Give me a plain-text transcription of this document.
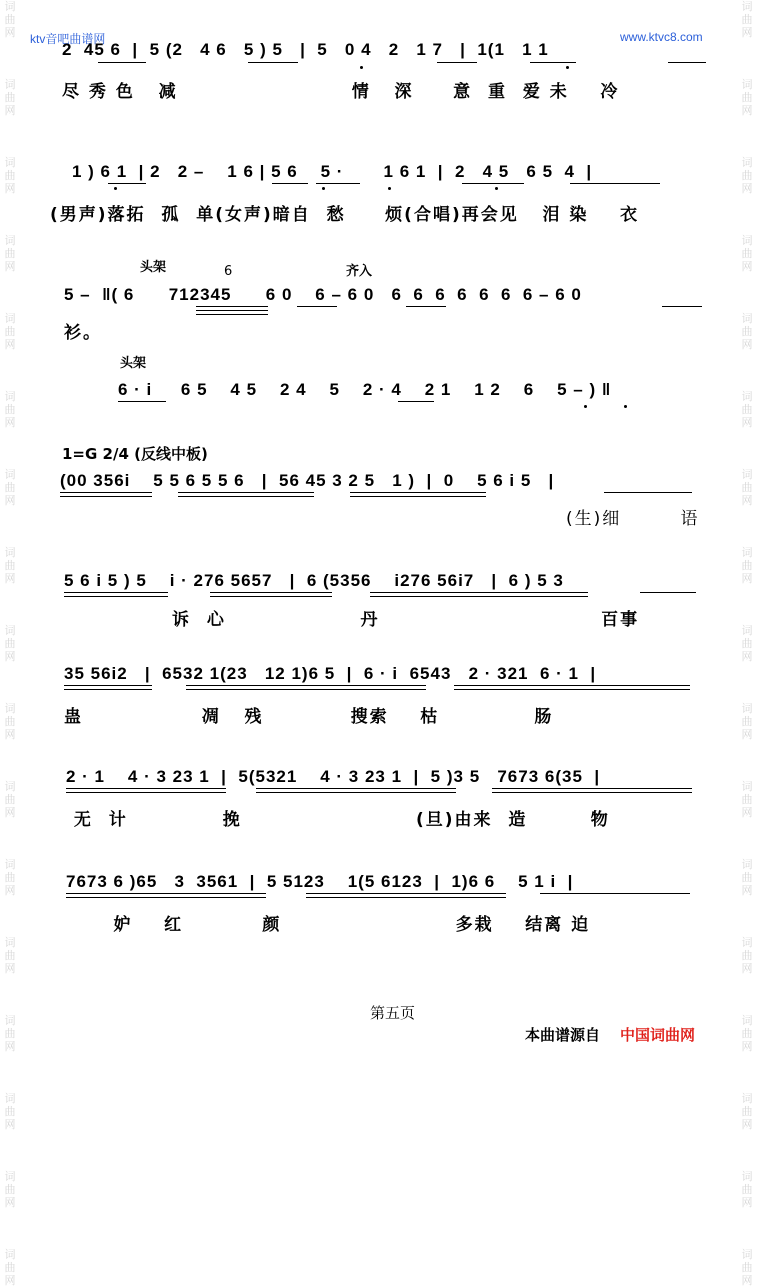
词
曲
网

词
曲
网

词
曲
网

词
曲
网

词
曲
网

词
曲
网

词
曲
网

词
曲
网

词
曲
网

词
曲
网

词
曲
网

词
曲
网

词
曲
网

词
曲
网

词
曲
网

词
曲
网

词
曲
网
词
曲
网

词
曲
网

词
曲
网

词
曲
网

词
曲
网

词
曲
网

词
曲
网

词
曲
网

词
曲
网

词
曲
网

词
曲
网

词
曲
网

词
曲
网

词
曲
网

词
曲
网

词
曲
网

词
曲
网
ktv音吧曲谱网	www.ktvc8.com
2  45 6  |  5 (2   4 6   5 ) 5   |  5   0 4   2   1 7   |  1(1   1 1
尽 秀 色   减                      情   深     意  重  爱 未    冷
1 ) 6 1  | 2   2 –    1 6 | 5 6    5 ·       1 6 1  |  2   4 5   6 5  4  |
(男声)落拓  孤  单(女声)暗自  愁     烦(合唱)再会见   泪 染    衣
头架	齐入
6
5 –  ‖( 6      712345      6 0    6 – 6 0   6  6  6  6  6  6  6 – 6 0
衫。
头架
6 · i     6 5    4 5    2 4    5    2 · 4    2 1    1 2    6    5 – ) ‖
1=G 2/4 (反线中板)
(00 356i    5 5 6 5 5 6   |  56 45 3 2 5   1 )  |  0    5 6 i 5   |
(生)细        语
5 6 i 5 ) 5    i · 276 5657   |  6 (5356    i276 56i7   |  6 ) 5 3
诉  心                 丹                            百事
35 56i2   |  6532 1(23   12 1)6 5  |  6 · i  6543   2 · 321  6 · 1  |
蛊               凋   残           搜索    枯            肠
2 · 1    4 · 3 23 1  |  5(5321    4 · 3 23 1  |  5 )3 5   7673 6(35  |
无  计            挽                      (旦)由来  造        物
7673 6 )65   3  3561  |  5 5123    1(5 6123  |  1)6 6    5 1 i  |
妒    红          颜                      多栽    结离 迫
第五页
本曲谱源自 中国词曲网
